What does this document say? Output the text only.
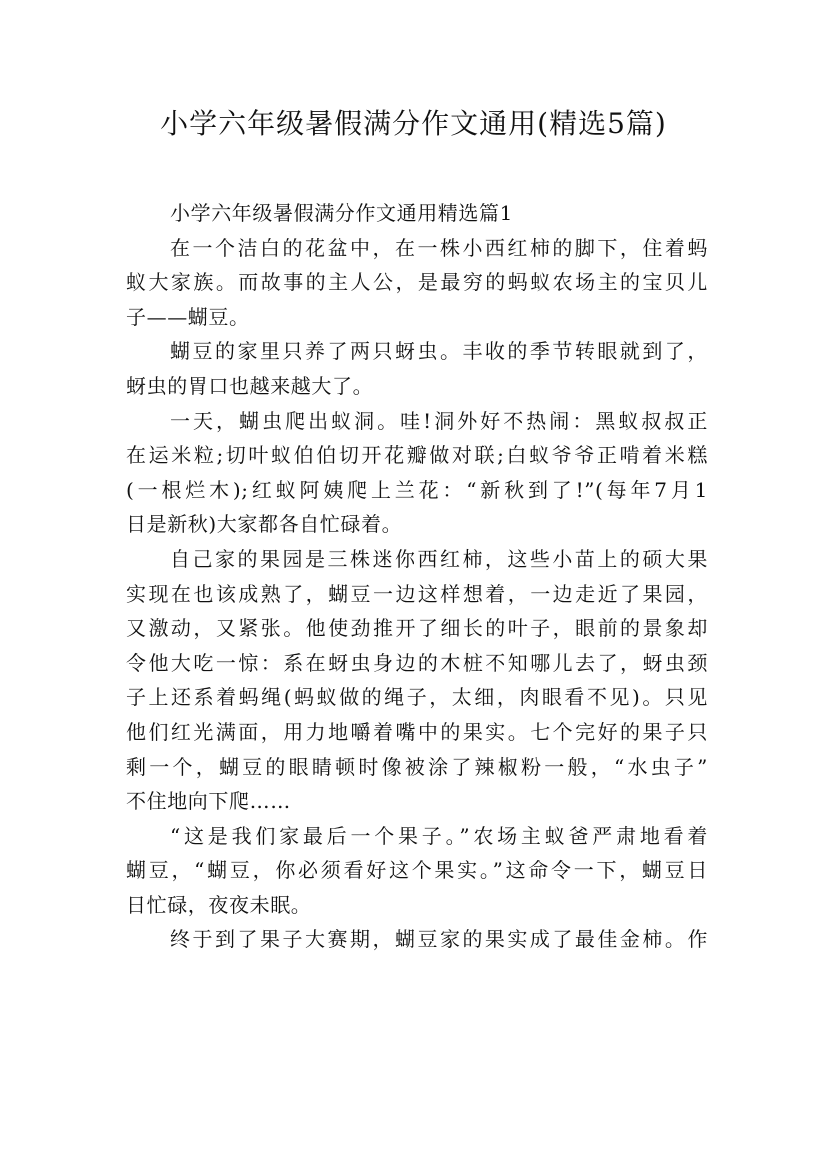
小学六年级暑假满分作文通用(精选5篇)
小学六年级暑假满分作文通用精选篇1
在一个洁白的花盆中，在一株小西红柿的脚下，住着蚂
蚁大家族。而故事的主人公，是最穷的蚂蚁农场主的宝贝儿
子——蝴豆。
蝴豆的家里只养了两只蚜虫。丰收的季节转眼就到了，
蚜虫的胃口也越来越大了。
一天，蝴虫爬出蚁洞。哇!洞外好不热闹：黑蚁叔叔正
在运米粒;切叶蚁伯伯切开花瓣做对联;白蚁爷爷正啃着米糕
(一根烂木);红蚁阿姨爬上兰花：“新秋到了!”(每年7月1
日是新秋)大家都各自忙碌着。
自己家的果园是三株迷你西红柿，这些小苗上的硕大果
实现在也该成熟了，蝴豆一边这样想着，一边走近了果园，
又激动，又紧张。他使劲推开了细长的叶子，眼前的景象却
令他大吃一惊：系在蚜虫身边的木桩不知哪儿去了，蚜虫颈
子上还系着蚂绳(蚂蚁做的绳子，太细，肉眼看不见)。只见
他们红光满面，用力地嚼着嘴中的果实。七个完好的果子只
剩一个，蝴豆的眼睛顿时像被涂了辣椒粉一般，“水虫子”
不住地向下爬……
“这是我们家最后一个果子。”农场主蚁爸严肃地看着
蝴豆，“蝴豆，你必须看好这个果实。”这命令一下，蝴豆日
日忙碌，夜夜未眠。
终于到了果子大赛期，蝴豆家的果实成了最佳金柿。作
